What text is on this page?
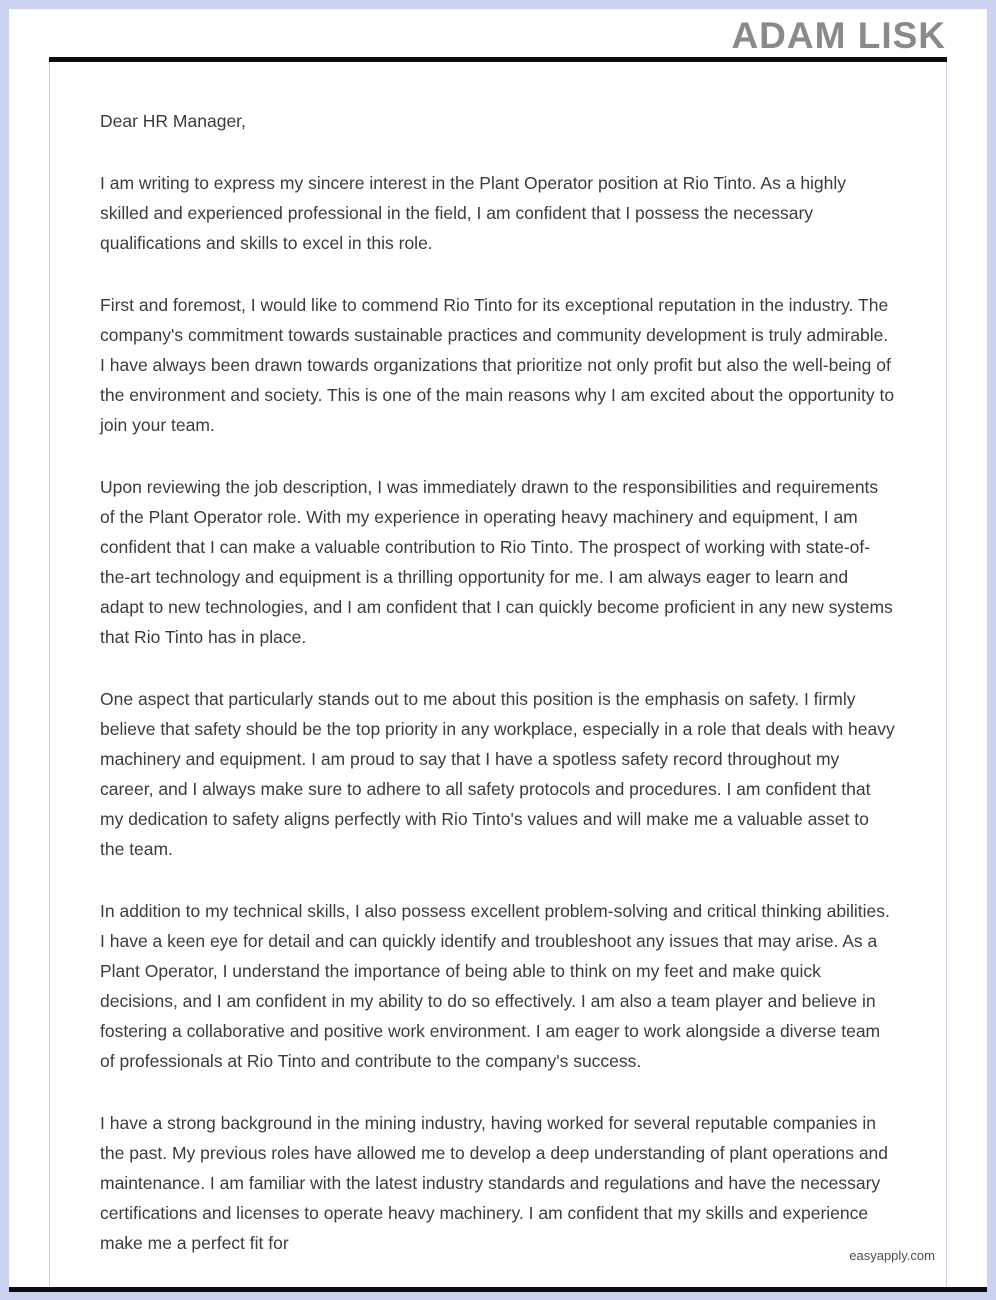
ADAM LISK
easyapply.com

Dear HR Manager,

I am writing to express my sincere interest in the Plant Operator position at Rio Tinto. As a highly skilled and experienced professional in the field, I am confident that I possess the necessary qualifications and skills to excel in this role.

First and foremost, I would like to commend Rio Tinto for its exceptional reputation in the industry. The company's commitment towards sustainable practices and community development is truly admirable. I have always been drawn towards organizations that prioritize not only profit but also the well-being of the environment and society. This is one of the main reasons why I am excited about the opportunity to join your team.

Upon reviewing the job description, I was immediately drawn to the responsibilities and requirements of the Plant Operator role. With my experience in operating heavy machinery and equipment, I am confident that I can make a valuable contribution to Rio Tinto. The prospect of working with state-of-the-art technology and equipment is a thrilling opportunity for me. I am always eager to learn and adapt to new technologies, and I am confident that I can quickly become proficient in any new systems that Rio Tinto has in place.

One aspect that particularly stands out to me about this position is the emphasis on safety. I firmly believe that safety should be the top priority in any workplace, especially in a role that deals with heavy machinery and equipment. I am proud to say that I have a spotless safety record throughout my career, and I always make sure to adhere to all safety protocols and procedures. I am confident that my dedication to safety aligns perfectly with Rio Tinto's values and will make me a valuable asset to the team.

In addition to my technical skills, I also possess excellent problem-solving and critical thinking abilities. I have a keen eye for detail and can quickly identify and troubleshoot any issues that may arise. As a Plant Operator, I understand the importance of being able to think on my feet and make quick decisions, and I am confident in my ability to do so effectively. I am also a team player and believe in fostering a collaborative and positive work environment. I am eager to work alongside a diverse team of professionals at Rio Tinto and contribute to the company's success.

I have a strong background in the mining industry, having worked for several reputable companies in the past. My previous roles have allowed me to develop a deep understanding of plant operations and maintenance. I am familiar with the latest industry standards and regulations and have the necessary certifications and licenses to operate heavy machinery. I am confident that my skills and experience make me a perfect fit for
